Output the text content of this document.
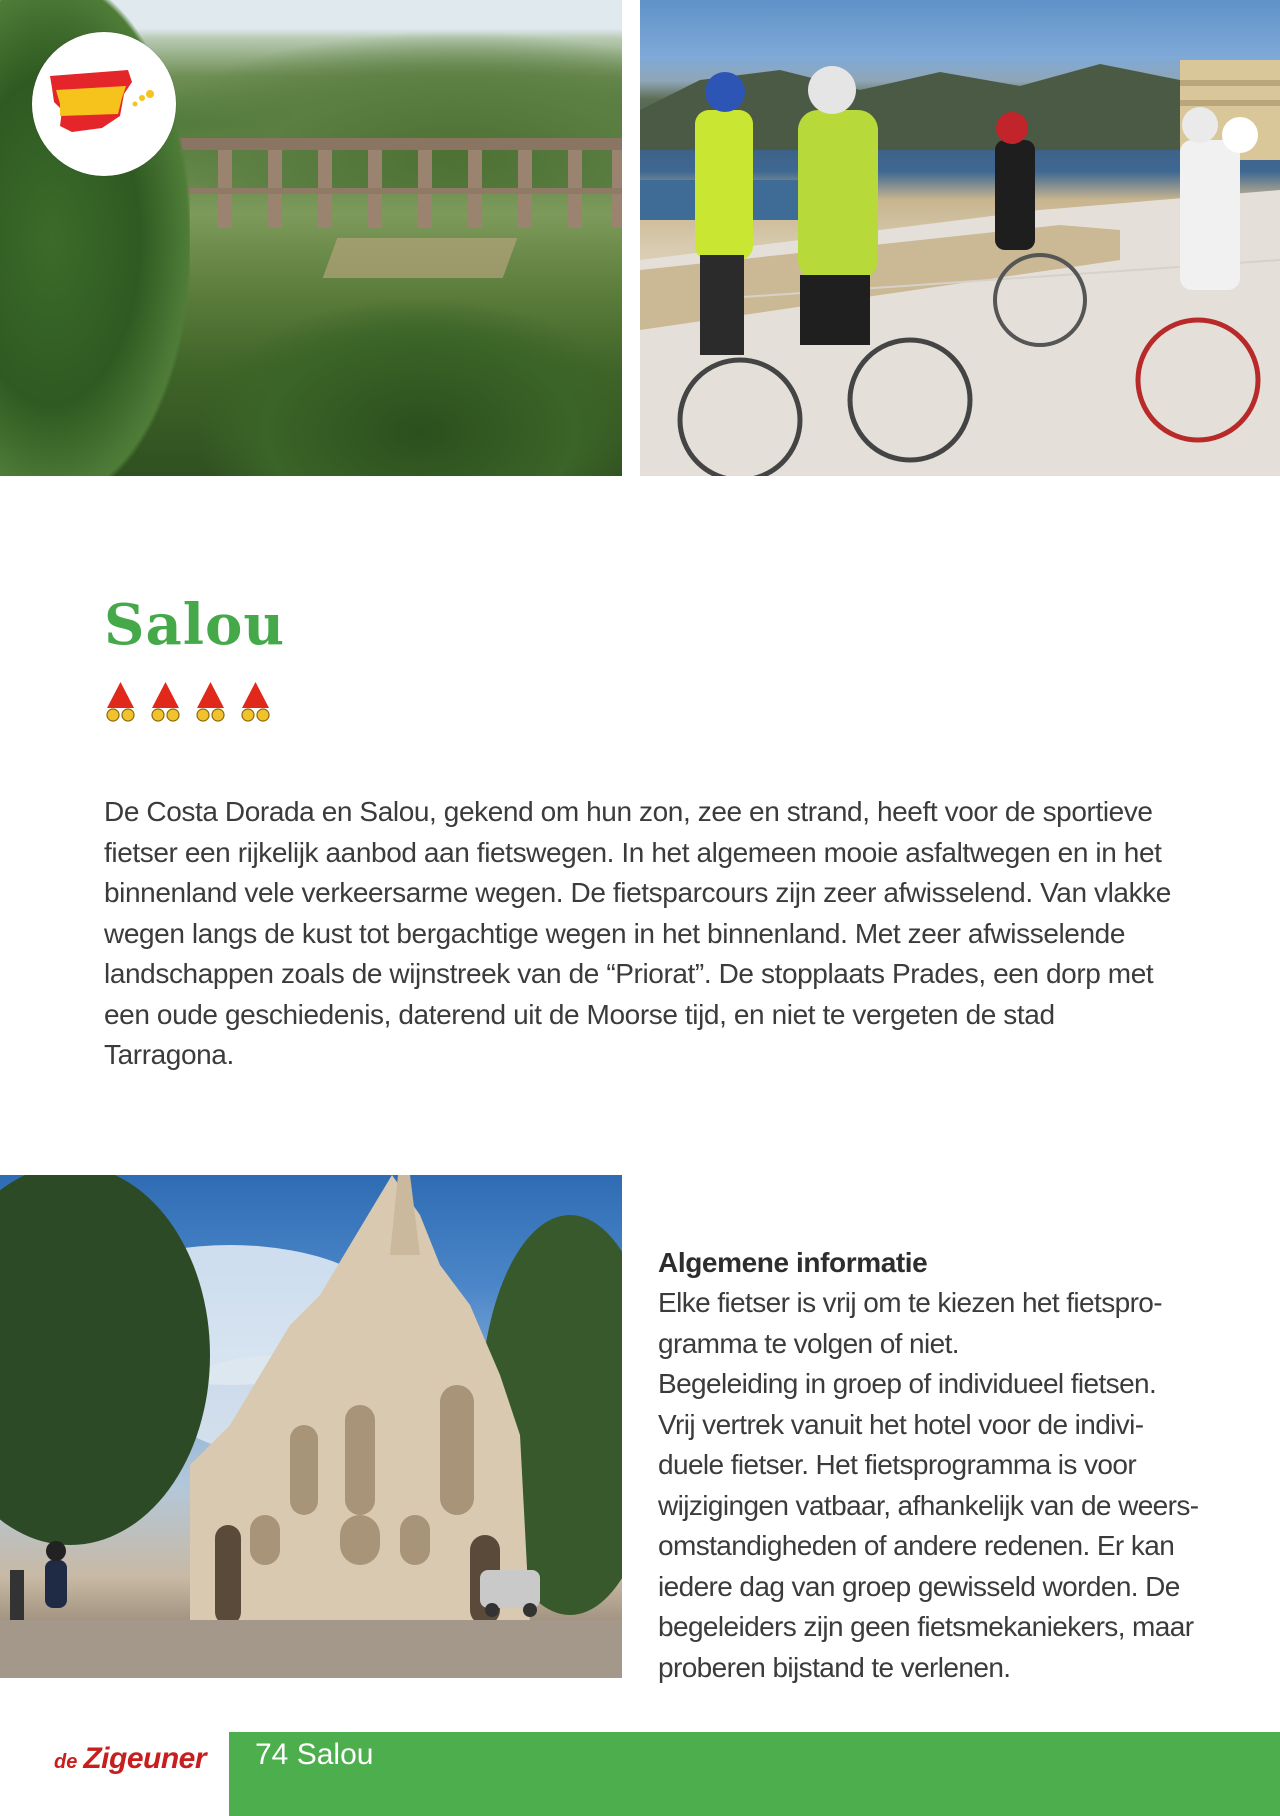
Salou

De Costa Dorada en Salou, gekend om hun zon, zee en strand, heeft voor de sportieve
fietser een rijkelijk aanbod aan fietswegen. In het algemeen mooie asfaltwegen en in het
binnenland vele verkeersarme wegen. De fietsparcours zijn zeer afwisselend. Van vlakke
wegen langs de kust tot bergachtige wegen in het binnenland. Met zeer afwisselende
landschappen zoals de wijnstreek van de “Priorat”. De stopplaats Prades, een dorp met
een oude geschiedenis, daterend uit de Moorse tijd, en niet te vergeten de stad Tarragona.

Algemene informatie

Elke fietser is vrij om te kiezen het fietspro-
gramma te volgen of niet.
Begeleiding in groep of individueel fietsen.
Vrij vertrek vanuit het hotel voor de indivi-
duele fietser. Het fietsprogramma is voor
wijzigingen vatbaar, afhankelijk van de weers-
omstandigheden of andere redenen. Er kan
iedere dag van groep gewisseld worden. De
begeleiders zijn geen fietsmekaniekers, maar
proberen bijstand te verlenen.

de Zigeuner 74 Salou
